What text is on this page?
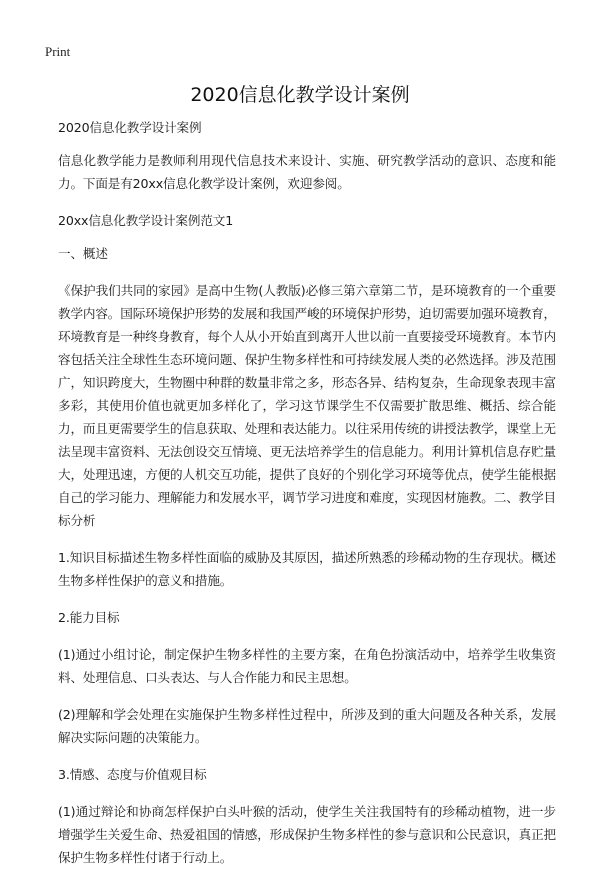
Print
2020信息化教学设计案例

2020信息化教学设计案例

信息化教学能力是教师利用现代信息技术来设计、实施、研究教学活动的意识、态度和能力。下面是有20xx信息化教学设计案例，欢迎参阅。

20xx信息化教学设计案例范文1

一、概述

《保护我们共同的家园》是高中生物(人教版)必修三第六章第二节，是环境教育的一个重要教学内容。国际环境保护形势的发展和我国严峻的环境保护形势，迫切需要加强环境教育，环境教育是一种终身教育，每个人从小开始直到离开人世以前一直要接受环境教育。本节内容包括关注全球性生态环境问题、保护生物多样性和可持续发展人类的必然选择。涉及范围广，知识跨度大，生物圈中种群的数量非常之多，形态各异、结构复杂，生命现象表现丰富多彩，其使用价值也就更加多样化了，学习这节课学生不仅需要扩散思维、概括、综合能力，而且更需要学生的信息获取、处理和表达能力。以往采用传统的讲授法教学，课堂上无法呈现丰富资料、无法创设交互情境、更无法培养学生的信息能力。利用计算机信息存贮量大，处理迅速，方便的人机交互功能，提供了良好的个别化学习环境等优点，使学生能根据自己的学习能力、理解能力和发展水平，调节学习进度和难度，实现因材施教。二、教学目标分析

1.知识目标描述生物多样性面临的威胁及其原因，描述所熟悉的珍稀动物的生存现状。概述生物多样性保护的意义和措施。

2.能力目标

(1)通过小组讨论，制定保护生物多样性的主要方案，在角色扮演活动中，培养学生收集资料、处理信息、口头表达、与人合作能力和民主思想。

(2)理解和学会处理在实施保护生物多样性过程中，所涉及到的重大问题及各种关系，发展解决实际问题的决策能力。

3.情感、态度与价值观目标

(1)通过辩论和协商怎样保护白头叶猴的活动，使学生关注我国特有的珍稀动植物，进一步增强学生关爱生命、热爱祖国的情感，形成保护生物多样性的参与意识和公民意识，真正把保护生物多样性付诸于行动上。
